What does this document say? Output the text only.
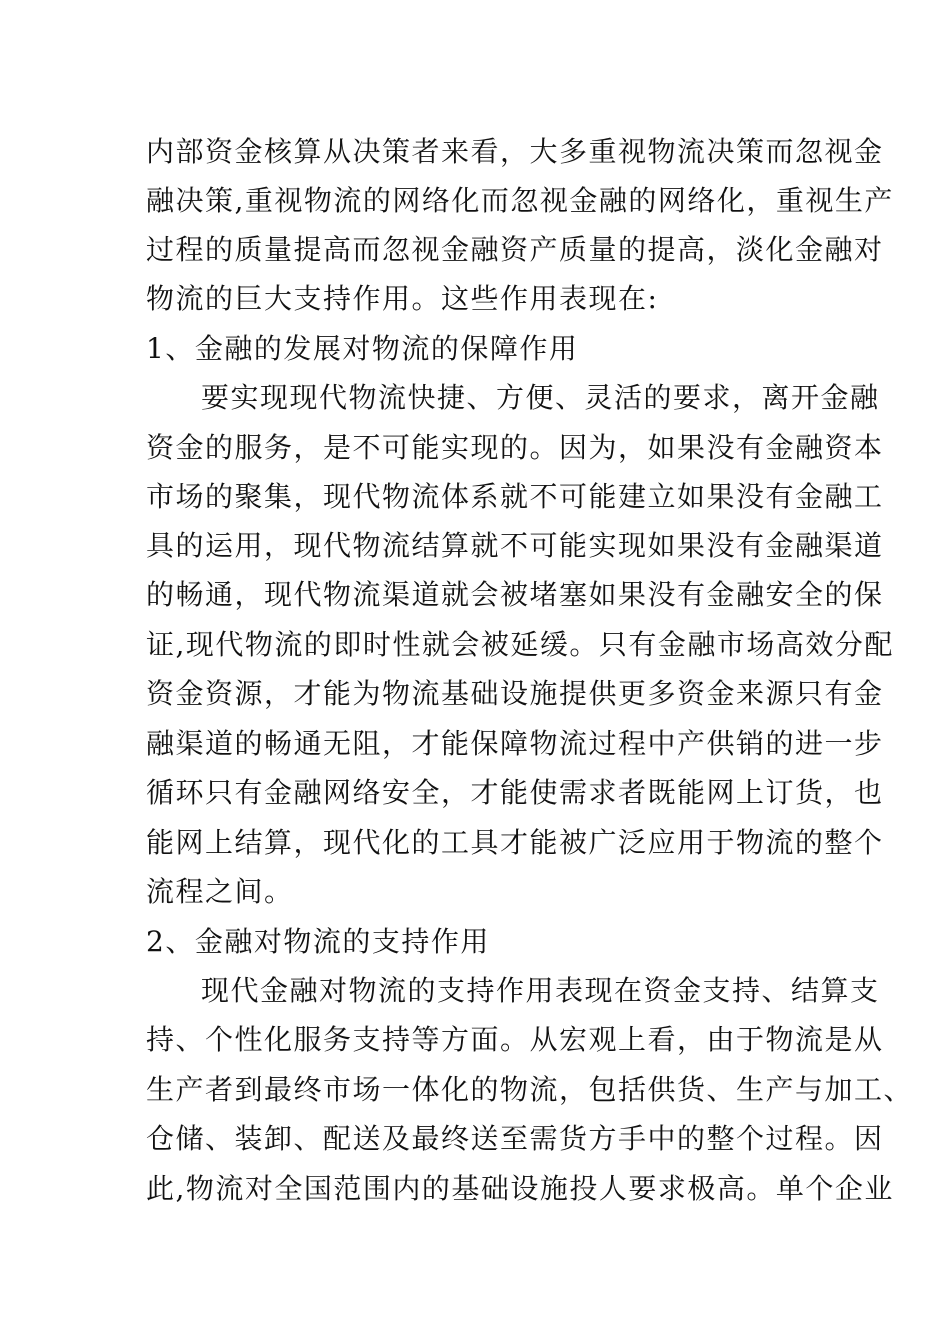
内部资金核算从决策者来看，大多重视物流决策而忽视金
融决策,重视物流的网络化而忽视金融的网络化，重视生产
过程的质量提高而忽视金融资产质量的提高，淡化金融对
物流的巨大支持作用。这些作用表现在:
1、金融的发展对物流的保障作用
要实现现代物流快捷、方便、灵活的要求，离开金融
资金的服务，是不可能实现的。因为，如果没有金融资本
市场的聚集，现代物流体系就不可能建立如果没有金融工
具的运用，现代物流结算就不可能实现如果没有金融渠道
的畅通，现代物流渠道就会被堵塞如果没有金融安全的保
证,现代物流的即时性就会被延缓。只有金融市场高效分配
资金资源，才能为物流基础设施提供更多资金来源只有金
融渠道的畅通无阻，才能保障物流过程中产供销的进一步
循环只有金融网络安全，才能使需求者既能网上订货，也
能网上结算，现代化的工具才能被广泛应用于物流的整个
流程之间。
2、金融对物流的支持作用
现代金融对物流的支持作用表现在资金支持、结算支
持、个性化服务支持等方面。从宏观上看，由于物流是从
生产者到最终市场一体化的物流，包括供货、生产与加工、
仓储、装卸、配送及最终送至需货方手中的整个过程。因
此,物流对全国范围内的基础设施投人要求极高。单个企业
